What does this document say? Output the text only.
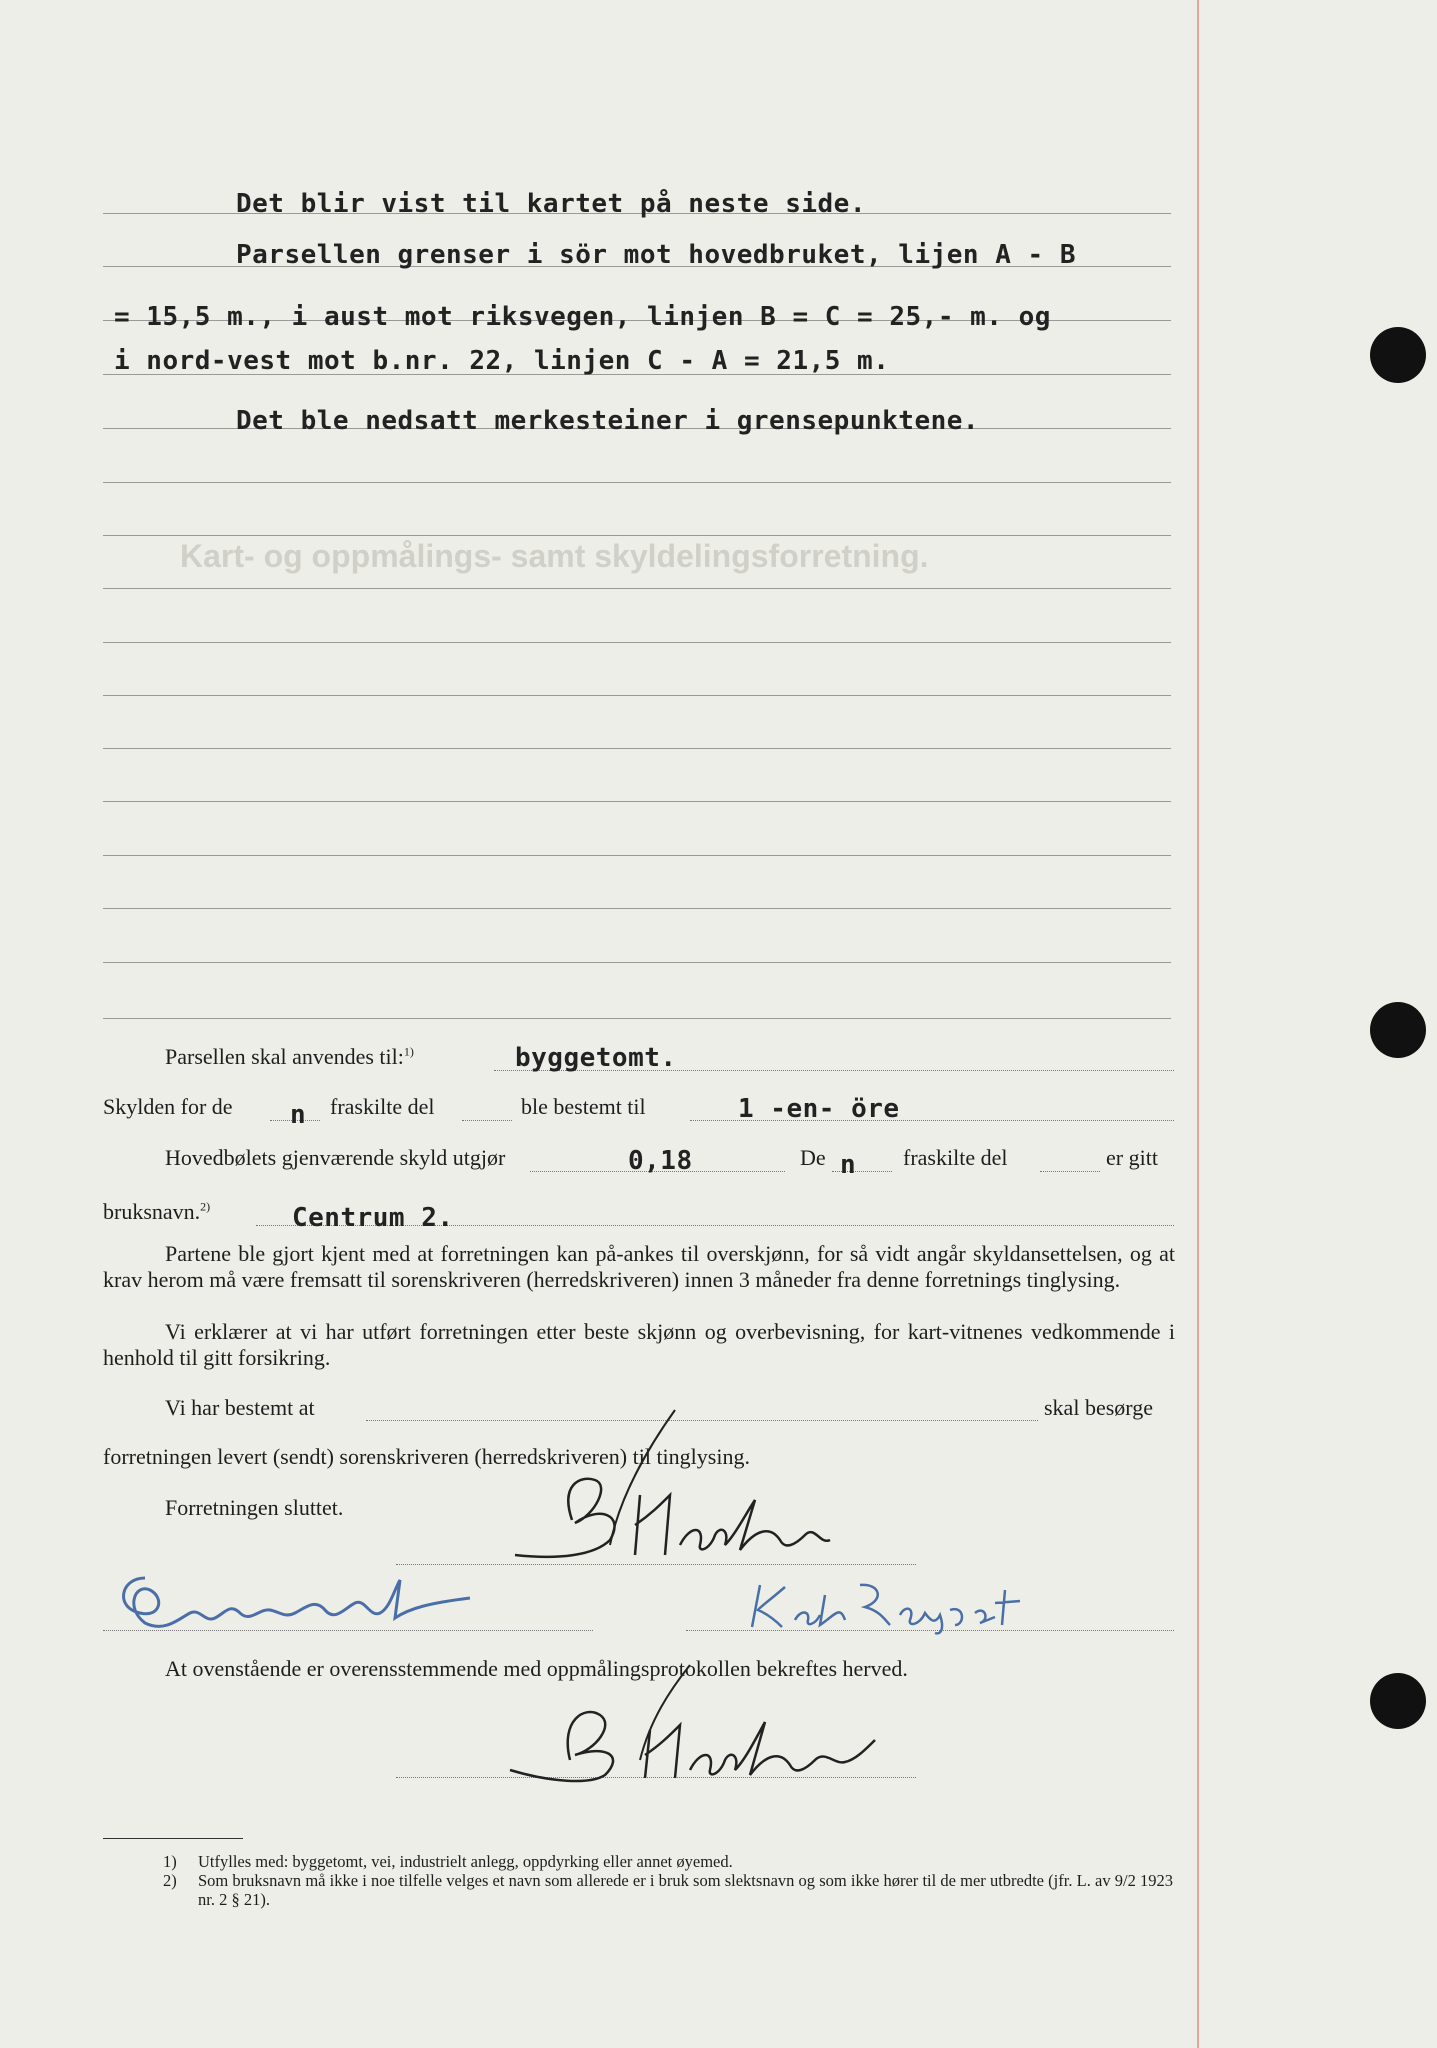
Kart- og oppmålings- samt skyldelingsforretning.
Det blir vist til kartet på neste side.
Parsellen grenser i sör mot hovedbruket, lijen A - B
= 15,5 m., i aust mot riksvegen, linjen B = C = 25,- m. og
i nord-vest mot b.nr. 22, linjen C - A = 21,5 m.
Det ble nedsatt merkesteiner i grensepunktene.
Parsellen skal anvendes til:$^{1)}$	byggetomt.
Skylden for de n fraskilte del	ble bestemt til	1 -en- öre
Hovedbølets gjenværende skyld utgjør	0,18	De n fraskilte del	er gitt
bruksnavn.$^{2)}$	Centrum 2.
Partene ble gjort kjent med at forretningen kan på-ankes til overskjønn, for så vidt angår skyldansettelsen, og at krav herom må være fremsatt til sorenskriveren (herredskriveren) innen 3 måneder fra denne forretnings tinglysing.
Vi erklærer at vi har utført forretningen etter beste skjønn og overbevisning, for kart-vitnenes vedkommende i henhold til gitt forsikring.
Vi har bestemt at	skal besørge
forretningen levert (sendt) sorenskriveren (herredskriveren) til tinglysing.
Forretningen sluttet.
At ovenstående er overensstemmende med oppmålingsprotokollen bekreftes herved.
1) Utfylles med: byggetomt, vei, industrielt anlegg, oppdyrking eller annet øyemed.
2) Som bruksnavn må ikke i noe tilfelle velges et navn som allerede er i bruk som slektsnavn og som ikke hører til de mer utbredte (jfr. L. av 9/2 1923 nr. 2 § 21).
